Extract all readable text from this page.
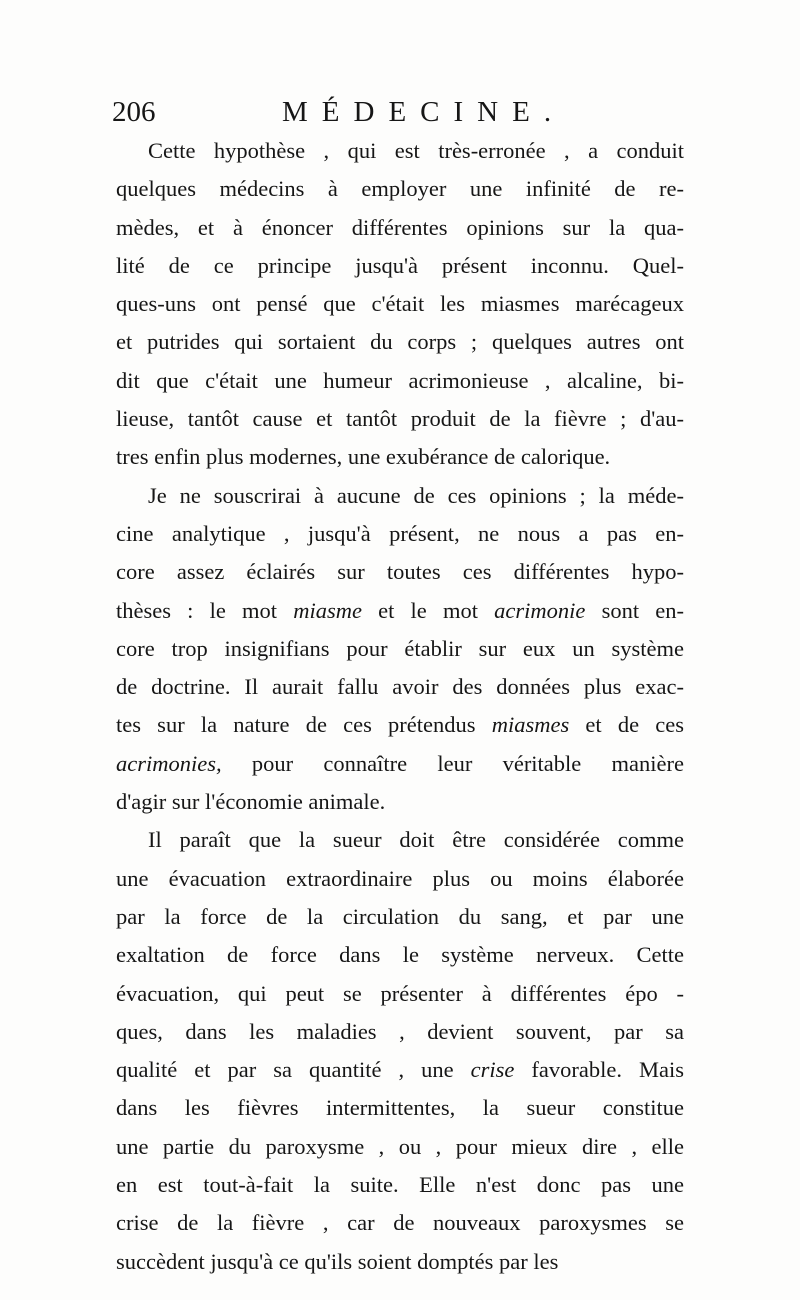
206	MÉDECINE.
Cette hypothèse , qui est très-erronée , a conduit
quelques médecins à employer une infinité de re-
mèdes, et à énoncer différentes opinions sur la qua-
lité de ce principe jusqu'à présent inconnu. Quel-
ques-uns ont pensé que c'était les miasmes marécageux
et putrides qui sortaient du corps ; quelques autres ont
dit que c'était une humeur acrimonieuse , alcaline, bi-
lieuse, tantôt cause et tantôt produit de la fièvre ; d'au-
tres enfin plus modernes, une exubérance de calorique.
Je ne souscrirai à aucune de ces opinions ; la méde-
cine analytique , jusqu'à présent, ne nous a pas en-
core assez éclairés sur toutes ces différentes hypo-
thèses : le mot miasme et le mot acrimonie sont en-
core trop insignifians pour établir sur eux un système
de doctrine. Il aurait fallu avoir des données plus exac-
tes sur la nature de ces prétendus miasmes et de ces
acrimonies, pour connaître leur véritable manière
d'agir sur l'économie animale.
Il paraît que la sueur doit être considérée comme
une évacuation extraordinaire plus ou moins élaborée
par la force de la circulation du sang, et par une
exaltation de force dans le système nerveux. Cette
évacuation, qui peut se présenter à différentes épo -
ques, dans les maladies , devient souvent, par sa
qualité et par sa quantité , une crise favorable. Mais
dans les fièvres intermittentes, la sueur constitue
une partie du paroxysme , ou , pour mieux dire , elle
en est tout-à-fait la suite. Elle n'est donc pas une
crise de la fièvre , car de nouveaux paroxysmes se
succèdent jusqu'à ce qu'ils soient domptés par les
